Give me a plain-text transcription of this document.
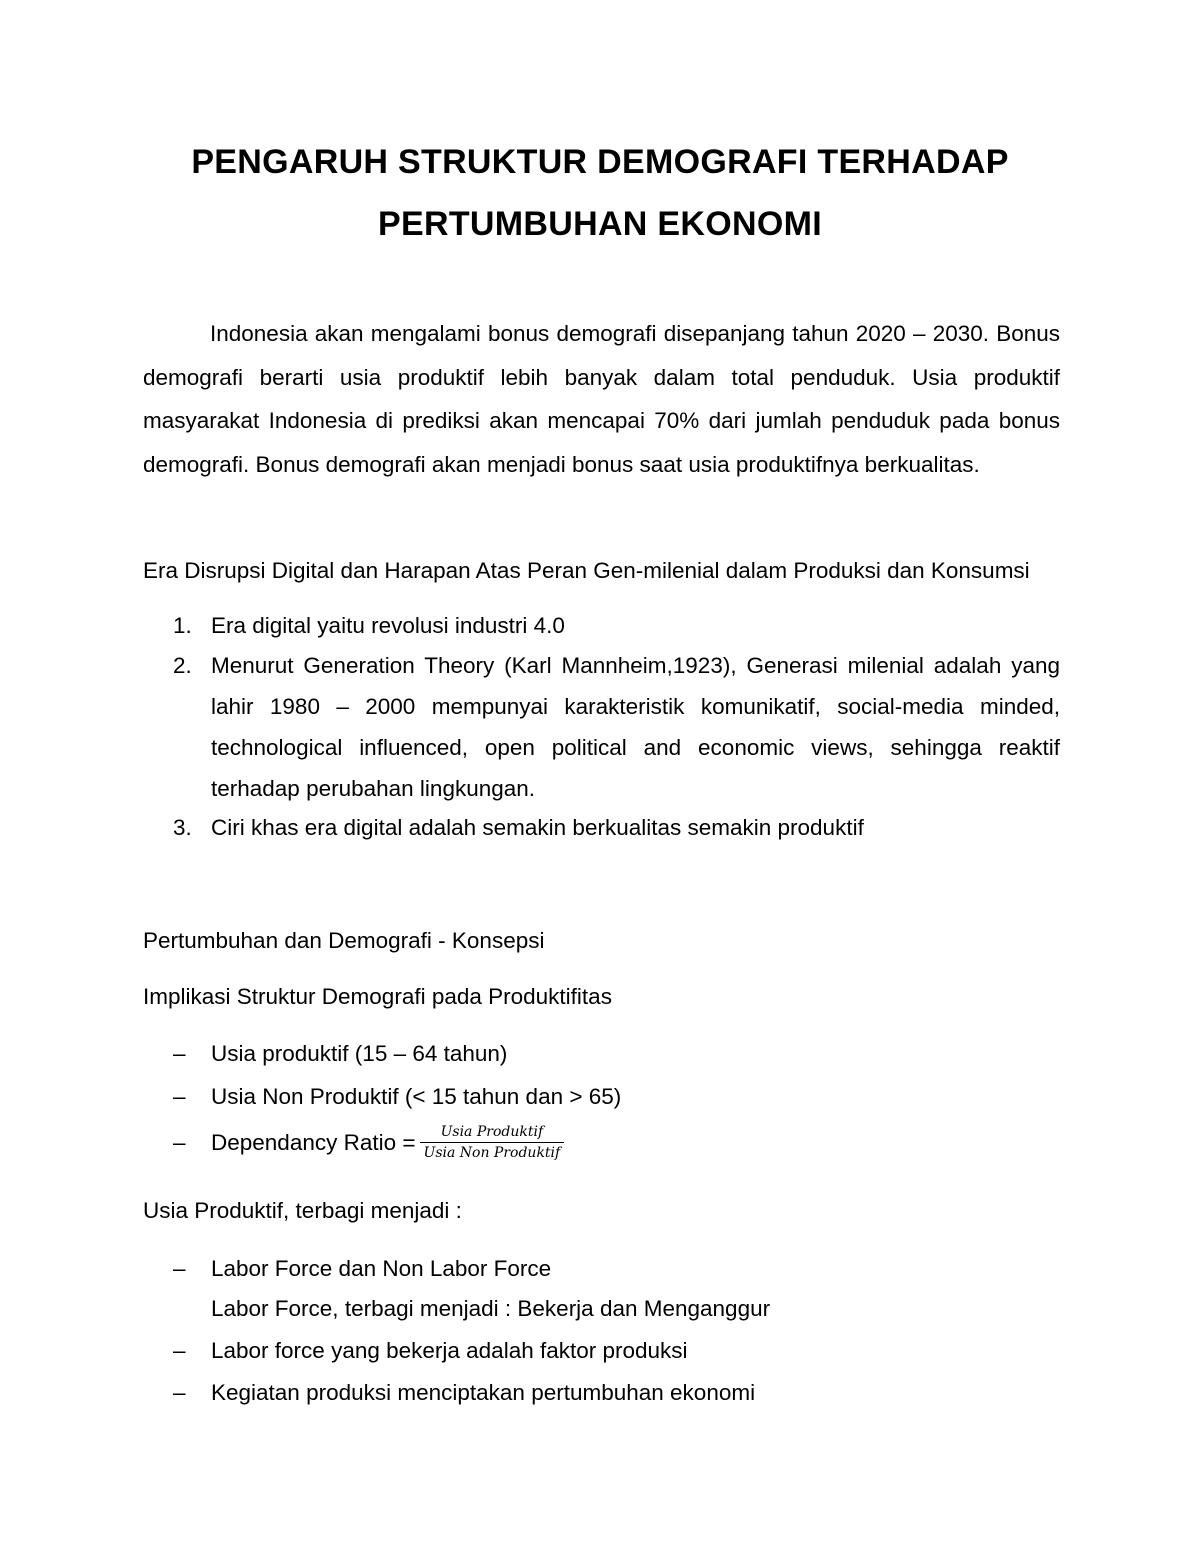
PENGARUH STRUKTUR DEMOGRAFI TERHADAP
PERTUMBUHAN EKONOMI

Indonesia akan mengalami bonus demografi disepanjang tahun 2020 – 2030. Bonus demografi berarti usia produktif lebih banyak dalam total penduduk. Usia produktif masyarakat Indonesia di prediksi akan mencapai 70% dari jumlah penduduk pada bonus demografi. Bonus demografi akan menjadi bonus saat usia produktifnya berkualitas.

Era Disrupsi Digital dan Harapan Atas Peran Gen-milenial dalam Produksi dan Konsumsi
1. Era digital yaitu revolusi industri 4.0
2. Menurut Generation Theory (Karl Mannheim,1923), Generasi milenial adalah yang lahir 1980 – 2000 mempunyai karakteristik komunikatif, social-media minded, technological influenced, open political and economic views, sehingga reaktif terhadap perubahan lingkungan.
3. Ciri khas era digital adalah semakin berkualitas semakin produktif
Pertumbuhan dan Demografi - Konsepsi
Implikasi Struktur Demografi pada Produktifitas
– Usia produktif (15 – 64 tahun)
– Usia Non Produktif (< 15 tahun dan > 65)
– Dependancy Ratio = $\frac{\text{Usia Produktif}}{\text{Usia Non Produktif}}$
Usia Produktif, terbagi menjadi :
– Labor Force dan Non Labor Force
Labor Force, terbagi menjadi : Bekerja dan Menganggur
– Labor force yang bekerja adalah faktor produksi
– Kegiatan produksi menciptakan pertumbuhan ekonomi
